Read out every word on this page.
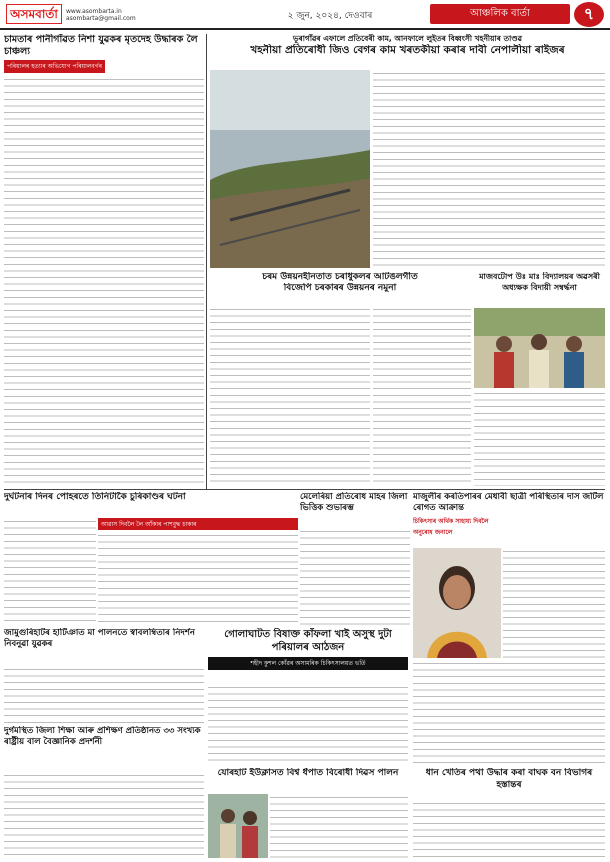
অসমবাৰ্তা	www.asombarta.in
asombarta@gmail.com	২ জুন, ২০২৪, দেওবাৰ	আঞ্চলিক বাৰ্তা	৭
চামতাৰ পানীগাঁৱত নিশা যুৱকৰ মৃতদেহ উদ্ধাৰক লৈ চাঞ্চল্য
পৰিয়ালৰ হত্যাৰ অভিযোগ পৰিয়ালবৰ্গৰ
ভূৰাগাঁৱৰ এফালে প্ৰতিবেৰী কাম, আনফালে লুইতৰ বিধ্বংসী খহনীয়াৰ তাণ্ডৱ
খহনীয়া প্ৰতিৰোধী জিও বেগৰ কাম খৰতকীয়া কৰাৰ দাবী নেপালীয়া ৰাইজৰ
চৰম উন্নয়নহীনতাত চৰাধুকলৰ আটঙলগীত
বিজেপি চৰকাৰৰ উন্নয়নৰ নমুনা
মাজবটোপ উঃ মাঃ বিদ্যালয়ৰ অৱসৰী অধ্যক্ষক বিদায়ী সম্বৰ্দ্ধনা
দুৰ্ঘটনাৰ দিনৰ পোহৰতে তিনিটাকৈ চুৰিকাণ্ডৰ ঘটনা
আৱাস দিবলৈ লৈ আঁকাৰ পাশবুদ্ধ চাকাৰ
মেলেৰিয়া প্ৰতিৰোধ মাহৰ জিলা ভিত্তিক শুভাৰম্ভ
মাজুলীৰ কৰতিপাৰৰ মেধাবী ছাত্ৰী পৰিস্থিতাৰ দাস জটিল ৰোগত আক্ৰান্ত
চিকিৎসাৰ অৰ্থিক সাহায্য দিবলৈ
অনুৰোধ জনালে
জামুগুৰিহাটৰ হাটিঞাত মা পালনতে স্বাবলম্বিতাৰ নিদৰ্শন নিবনুৱা যুৱকৰ
গোলাঘাটত বিষাক্ত কাঁফলা খাই অসুস্থ দুটা পৰিয়ালৰ আঠজন
শহীদ কুশল কোঁৱৰ অসামৰিক চিকিৎসালয়ত ভৰ্তি
দুৰ্গমস্থিত জিলা শিক্ষা আৰু প্ৰশিক্ষণ প্ৰতিষ্ঠানত ৩৩ সংখ্যক ৰাষ্ট্ৰীয় বাল বৈজ্ঞানিক প্ৰদৰ্শনী
যোৰহাট ইউক্লাসত বিশ্ব ধঁপাত বিৰোধী দিৱস পালন	ধান খেতিৰ পথা উদ্ধাৰ কৰা বাঘক বন বিভাগৰ হস্তান্তৰ
